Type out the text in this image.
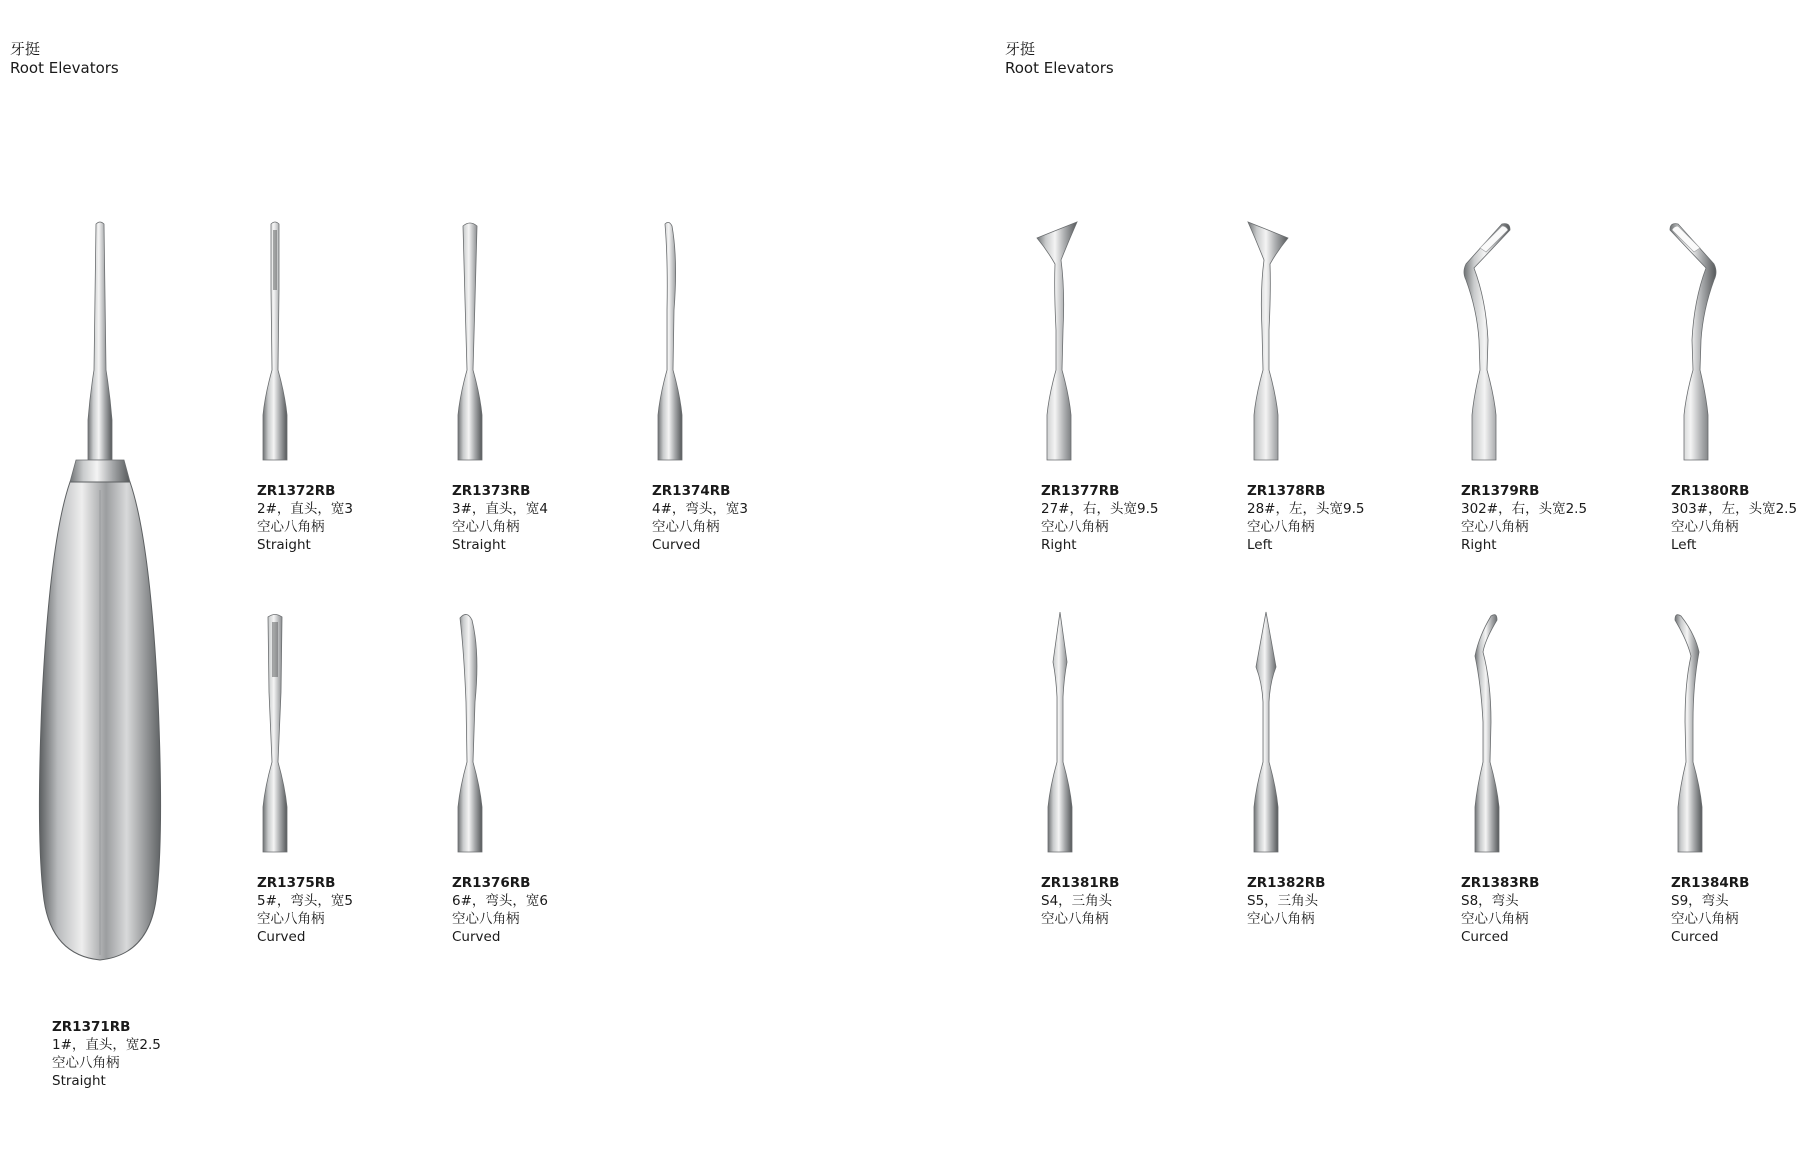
牙挺
Root Elevators
牙挺
Root Elevators
ZR1371RB
1#，直头，宽2.5
空心八角柄
Straight
ZR1372RB
2#，直头，宽3
空心八角柄
Straight
ZR1373RB
3#，直头，宽4
空心八角柄
Straight
ZR1374RB
4#，弯头，宽3
空心八角柄
Curved
ZR1375RB
5#，弯头，宽5
空心八角柄
Curved
ZR1376RB
6#，弯头，宽6
空心八角柄
Curved
ZR1377RB
27#，右，头宽9.5
空心八角柄
Right
ZR1378RB
28#，左，头宽9.5
空心八角柄
Left
ZR1379RB
302#，右，头宽2.5
空心八角柄
Right
ZR1380RB
303#，左，头宽2.5
空心八角柄
Left
ZR1381RB
S4，三角头
空心八角柄
ZR1382RB
S5，三角头
空心八角柄
ZR1383RB
S8，弯头
空心八角柄
Curced
ZR1384RB
S9，弯头
空心八角柄
Curced
